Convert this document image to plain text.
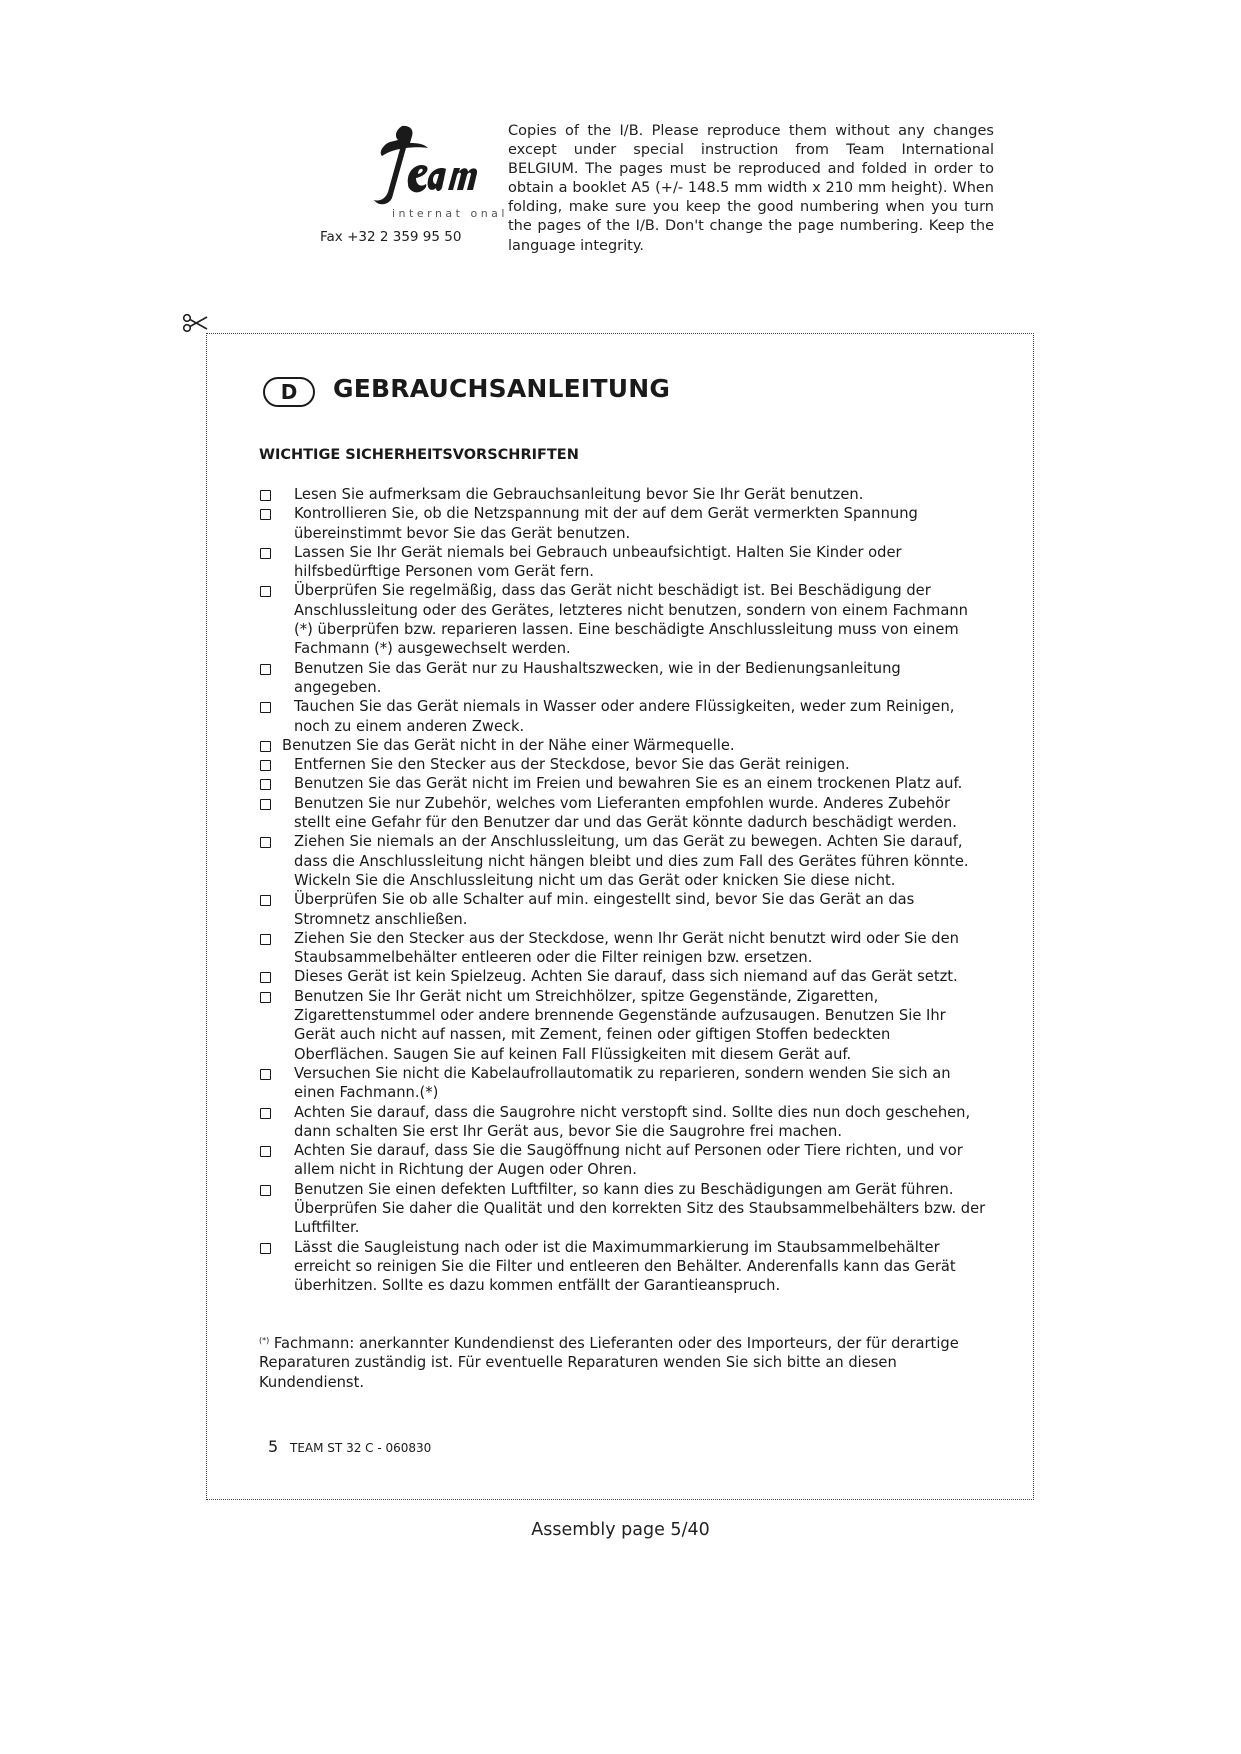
internat onal
Fax +32 2 359 95 50
Copies of the I/B. Please reproduce them without any changes except under special instruction from Team International BELGIUM. The pages must be reproduced and folded in order to obtain a booklet A5 (+/- 148.5 mm width x 210 mm height). When folding, make sure you keep the good numbering when you turn the pages of the I/B. Don't change the page numbering. Keep the language integrity.
D	GEBRAUCHSANLEITUNG
WICHTIGE SICHERHEITSVORSCHRIFTEN
Lesen Sie aufmerksam die Gebrauchsanleitung bevor Sie Ihr Gerät benutzen.
Kontrollieren Sie, ob die Netzspannung mit der auf dem Gerät vermerkten Spannung übereinstimmt bevor Sie das Gerät benutzen.
Lassen Sie Ihr Gerät niemals bei Gebrauch unbeaufsichtigt. Halten Sie Kinder oder hilfsbedürftige Personen vom Gerät fern.
Überprüfen Sie regelmäßig, dass das Gerät nicht beschädigt ist. Bei Beschädigung der Anschlussleitung oder des Gerätes, letzteres nicht benutzen, sondern von einem Fachmann (*) überprüfen bzw. reparieren lassen. Eine beschädigte Anschlussleitung muss von einem Fachmann (*) ausgewechselt werden.
Benutzen Sie das Gerät nur zu Haushaltszwecken, wie in der Bedienungsanleitung angegeben.
Tauchen Sie das Gerät niemals in Wasser oder andere Flüssigkeiten, weder zum Reinigen, noch zu einem anderen Zweck.
Benutzen Sie das Gerät nicht in der Nähe einer Wärmequelle.
Entfernen Sie den Stecker aus der Steckdose, bevor Sie das Gerät reinigen.
Benutzen Sie das Gerät nicht im Freien und bewahren Sie es an einem trockenen Platz auf.
Benutzen Sie nur Zubehör, welches vom Lieferanten empfohlen wurde. Anderes Zubehör stellt eine Gefahr für den Benutzer dar und das Gerät könnte dadurch beschädigt werden.
Ziehen Sie niemals an der Anschlussleitung, um das Gerät zu bewegen. Achten Sie darauf, dass die Anschlussleitung nicht hängen bleibt und dies zum Fall des Gerätes führen könnte. Wickeln Sie die Anschlussleitung nicht um das Gerät oder knicken Sie diese nicht.
Überprüfen Sie ob alle Schalter auf min. eingestellt sind, bevor Sie das Gerät an das Stromnetz anschließen.
Ziehen Sie den Stecker aus der Steckdose, wenn Ihr Gerät nicht benutzt wird oder Sie den Staubsammelbehälter entleeren oder die Filter reinigen bzw. ersetzen.
Dieses Gerät ist kein Spielzeug. Achten Sie darauf, dass sich niemand auf das Gerät setzt.
Benutzen Sie Ihr Gerät nicht um Streichhölzer, spitze Gegenstände, Zigaretten, Zigarettenstummel oder andere brennende Gegenstände aufzusaugen. Benutzen Sie Ihr Gerät auch nicht auf nassen, mit Zement, feinen oder giftigen Stoffen bedeckten Oberflächen. Saugen Sie auf keinen Fall Flüssigkeiten mit diesem Gerät auf.
Versuchen Sie nicht die Kabelaufrollautomatik zu reparieren, sondern wenden Sie sich an einen Fachmann.(*)
Achten Sie darauf, dass die Saugrohre nicht verstopft sind. Sollte dies nun doch geschehen, dann schalten Sie erst Ihr Gerät aus, bevor Sie die Saugrohre frei machen.
Achten Sie darauf, dass Sie die Saugöffnung nicht auf Personen oder Tiere richten, und vor allem nicht in Richtung der Augen oder Ohren.
Benutzen Sie einen defekten Luftfilter, so kann dies zu Beschädigungen am Gerät führen. Überprüfen Sie daher die Qualität und den korrekten Sitz des Staubsammelbehälters bzw. der Luftfilter.
Lässt die Saugleistung nach oder ist die Maximummarkierung im Staubsammelbehälter erreicht so reinigen Sie die Filter und entleeren den Behälter. Anderenfalls kann das Gerät überhitzen. Sollte es dazu kommen entfällt der Garantieanspruch.
(*) Fachmann: anerkannter Kundendienst des Lieferanten oder des Importeurs, der für derartige Reparaturen zuständig ist. Für eventuelle Reparaturen wenden Sie sich bitte an diesen Kundendienst.
5 TEAM ST 32 C - 060830
Assembly page 5/40
